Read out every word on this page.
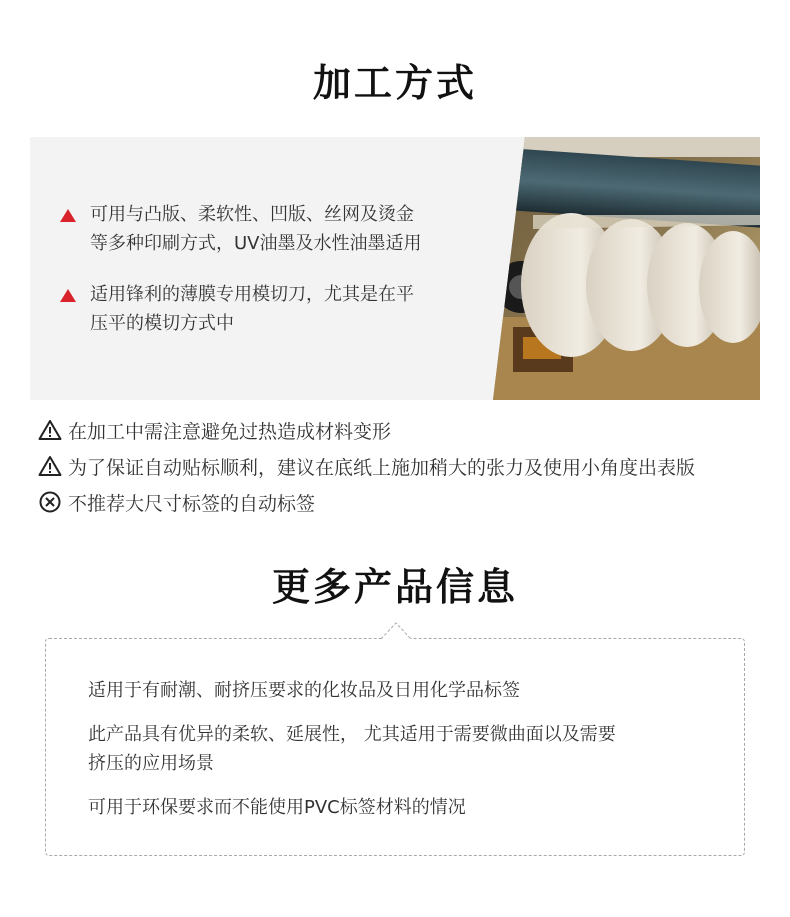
加工方式
可用与凸版、柔软性、凹版、丝网及烫金
等多种印刷方式，UV油墨及水性油墨适用
适用锋利的薄膜专用模切刀，尤其是在平
压平的模切方式中
在加工中需注意避免过热造成材料变形
为了保证自动贴标顺利，建议在底纸上施加稍大的张力及使用小角度出表版
不推荐大尺寸标签的自动标签
更多产品信息
适用于有耐潮、耐挤压要求的化妆品及日用化学品标签
此产品具有优异的柔软、延展性， 尤其适用于需要微曲面以及需要
挤压的应用场景
可用于环保要求而不能使用PVC标签材料的情况
